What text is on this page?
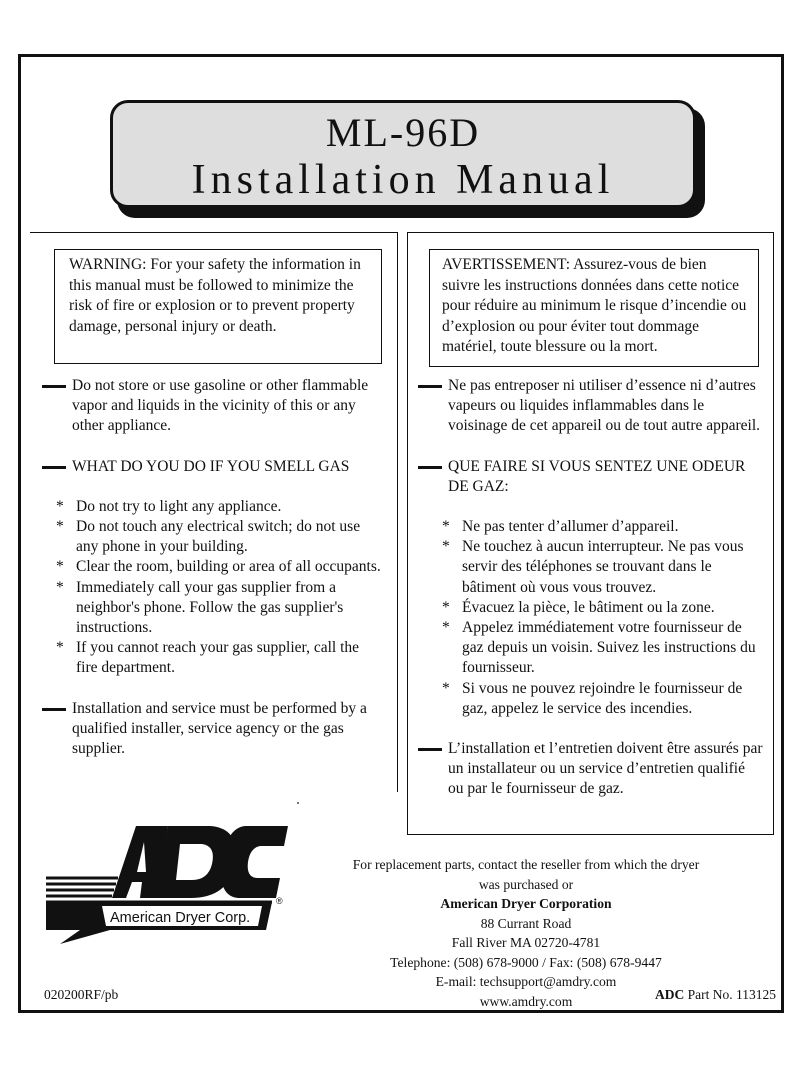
ML-96D
Installation Manual
WARNING: For your safety the information in this manual must be followed to minimize the risk of fire or explosion or to prevent property damage, personal injury or death.
AVERTISSEMENT: Assurez-vous de bien suivre les instructions données dans cette notice pour réduire au minimum le risque d’incendie ou d’explosion ou pour éviter tout dommage matériel, toute blessure ou la mort.
Do not store or use gasoline or other flammable vapor and liquids in the vicinity of this or any other appliance.
WHAT DO YOU DO IF YOU SMELL GAS
* Do not try to light any appliance.
* Do not touch any electrical switch; do not use any phone in your building.
* Clear the room, building or area of all occupants.
* Immediately call your gas supplier from a neighbor's phone. Follow the gas supplier's instructions.
* If you cannot reach your gas supplier, call the fire department.
Installation and service must be performed by a qualified installer, service agency or the gas supplier.
Ne pas entreposer ni utiliser d’essence ni d’autres vapeurs ou liquides inflammables dans le voisinage de cet appareil ou de tout autre appareil.
QUE FAIRE SI VOUS SENTEZ UNE ODEUR DE GAZ:
* Ne pas tenter d’allumer d’appareil.
* Ne touchez à aucun interrupteur. Ne pas vous servir des téléphones se trouvant dans le bâtiment où vous vous trouvez.
* Évacuez la pièce, le bâtiment ou la zone.
* Appelez immédiatement votre fournisseur de gaz depuis un voisin. Suivez les instructions du fournisseur.
* Si vous ne pouvez rejoindre le fournisseur de gaz, appelez le service des incendies.
L’installation et l’entretien doivent être assurés par un installateur ou un service d’entretien qualifié ou par le fournisseur de gaz.
American Dryer Corp.
®
For replacement parts, contact the reseller from which the dryer
was purchased or
American Dryer Corporation
88 Currant Road
Fall River MA 02720-4781
Telephone: (508) 678-9000 / Fax: (508) 678-9447
E-mail: techsupport@amdry.com
www.amdry.com
020200RF/pb	ADC Part No. 113125
